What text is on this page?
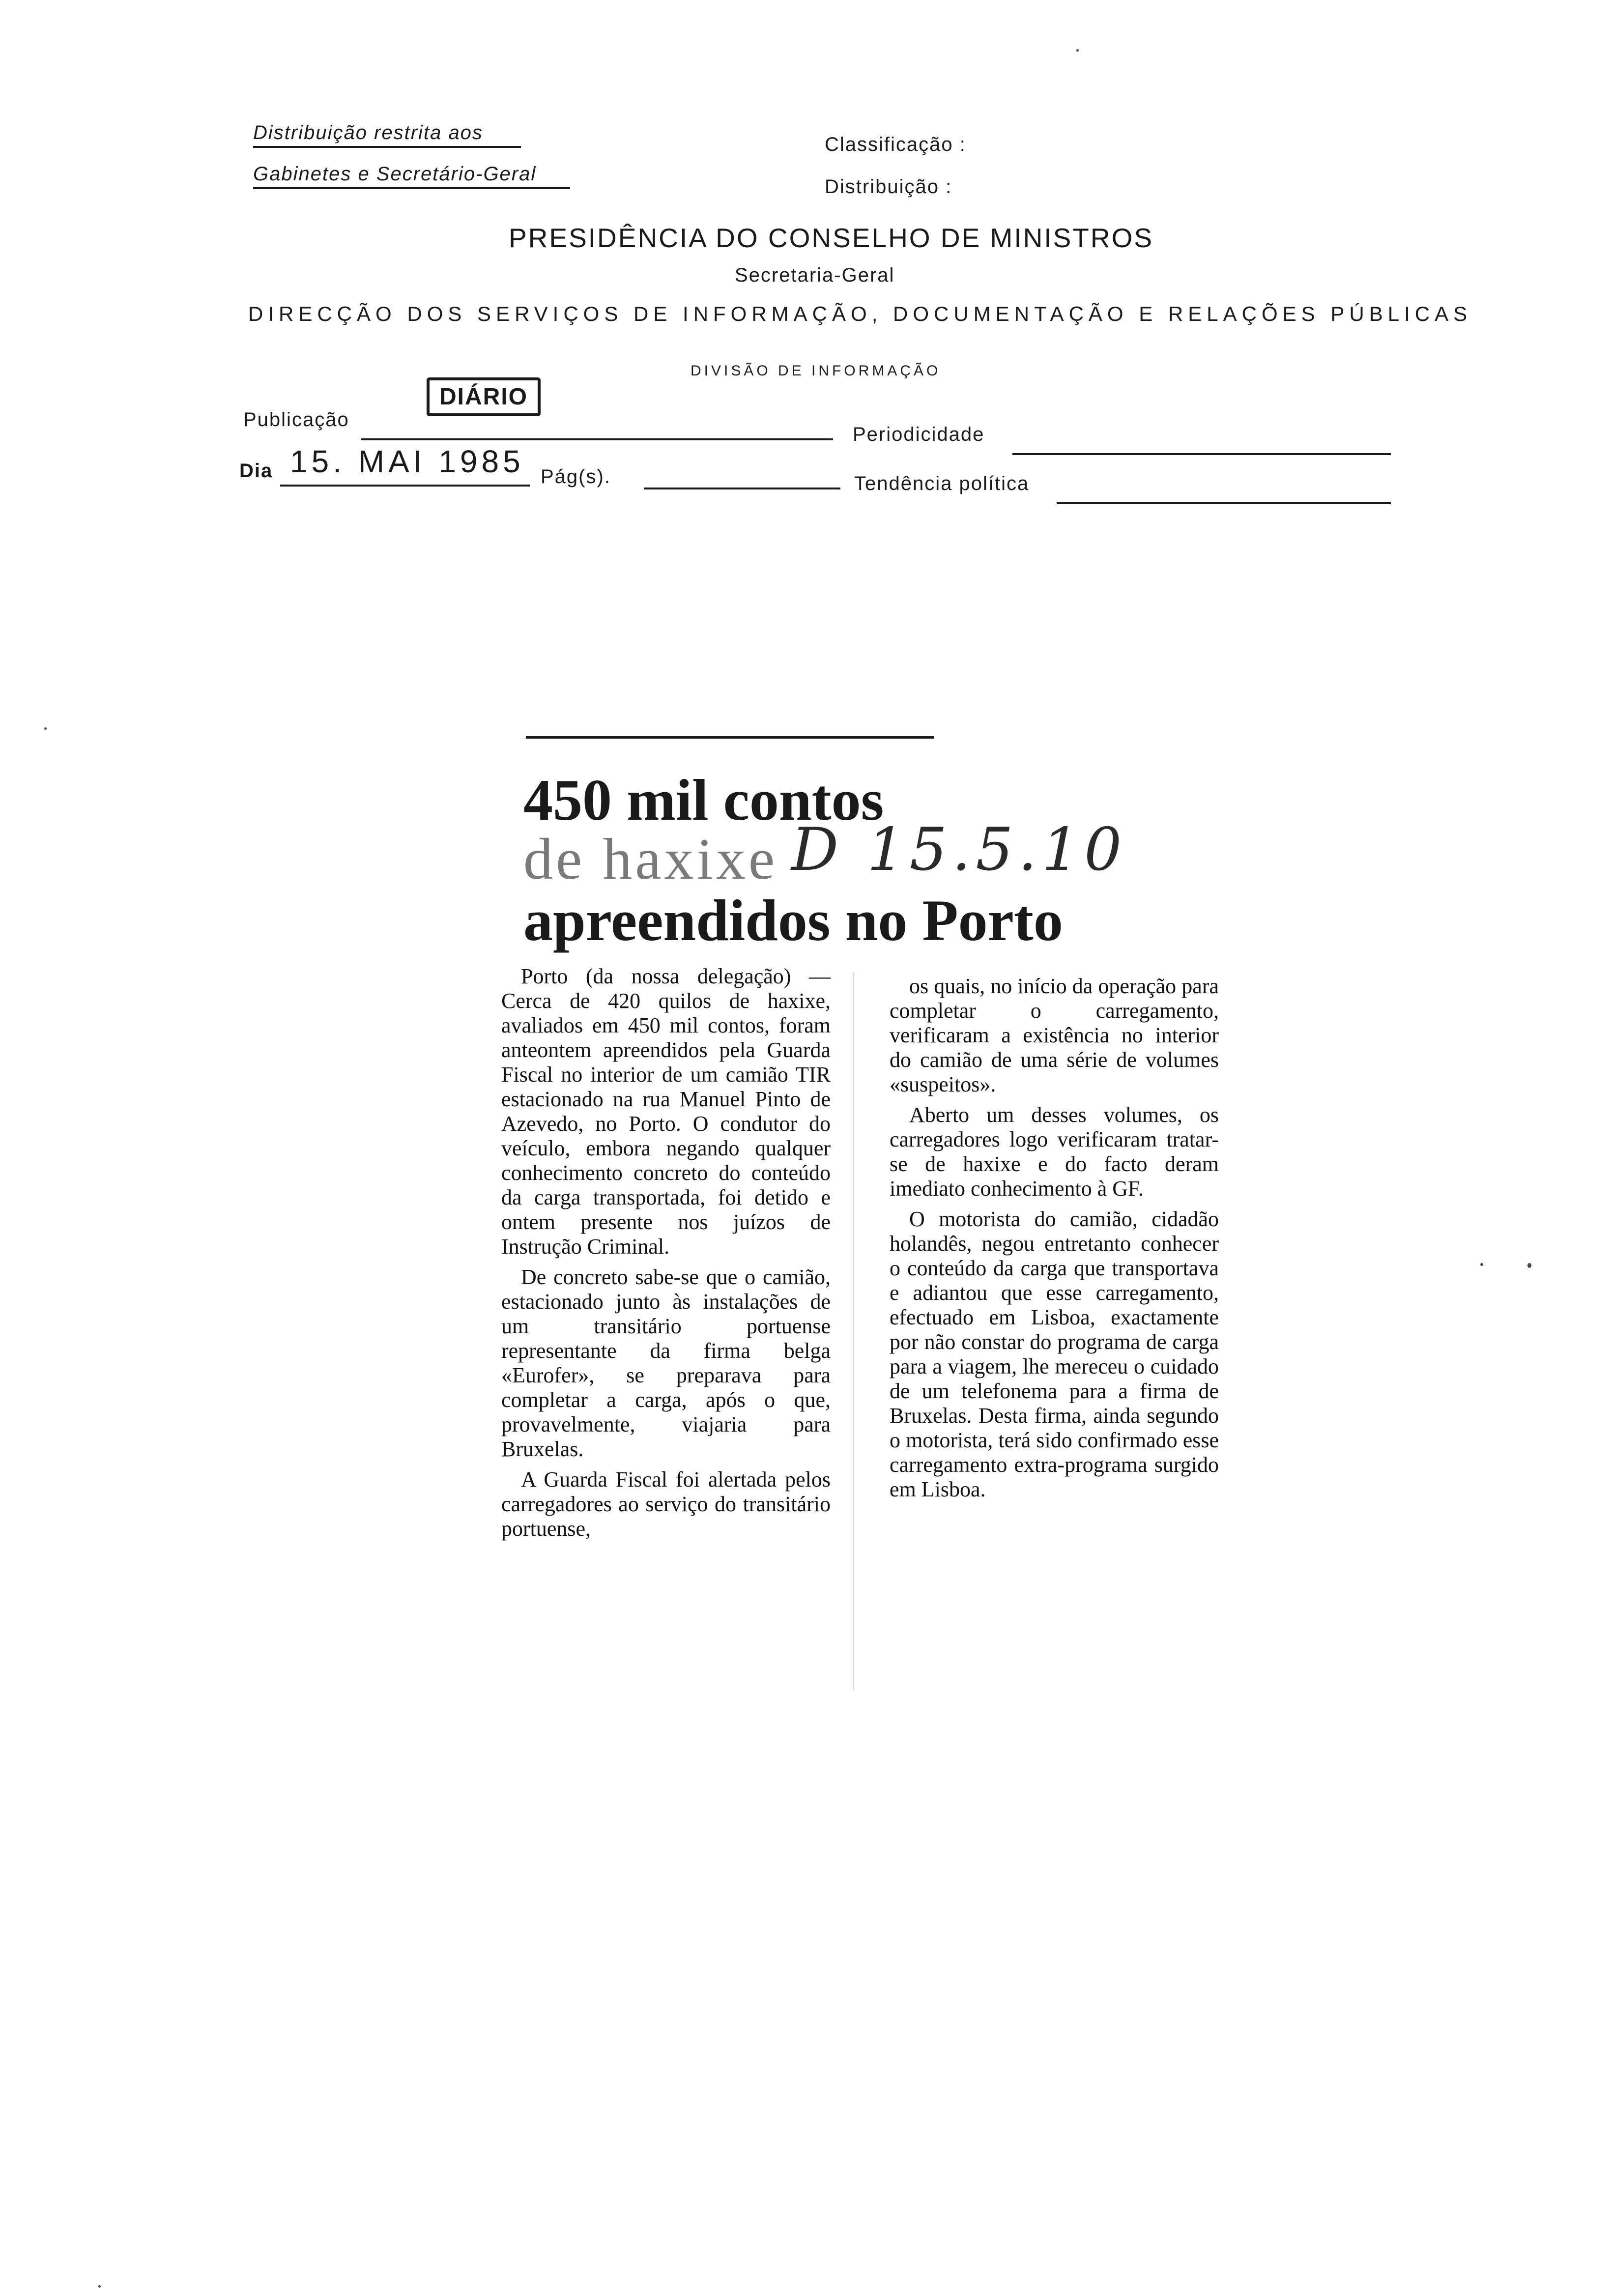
Distribuição restrita aos
Gabinetes e Secretário-Geral
Classificação :
Distribuição :
PRESIDÊNCIA DO CONSELHO DE MINISTROS
Secretaria-Geral
DIRECÇÃO DOS SERVIÇOS DE INFORMAÇÃO, DOCUMENTAÇÃO E RELAÇÕES PÚBLICAS
DIVISÃO DE INFORMAÇÃO
DIÁRIO
Publicação
Periodicidade
Dia 15. MAI 1985 Pág(s).	Tendência política
450 mil contos
de haxixe D 15.5.10
apreendidos no Porto

Porto (da nossa delegação) — Cerca de 420 quilos de haxixe, avaliados em 450 mil contos, foram anteontem apreendidos pela Guarda Fiscal no interior de um camião TIR estacionado na rua Manuel Pinto de Azevedo, no Porto. O condutor do veículo, embora negando qualquer conhecimento concreto do conteúdo da carga transportada, foi detido e ontem presente nos juízos de Instrução Criminal.

De concreto sabe-se que o camião, estacionado junto às instalações de um transitário portuense representante da firma belga «Eurofer», se preparava para completar a carga, após o que, provavelmente, viajaria para Bruxelas.

A Guarda Fiscal foi alertada pelos carregadores ao serviço do transitário portuense,

os quais, no início da operação para completar o carregamento, verificaram a existência no interior do camião de uma série de volumes «suspeitos».

Aberto um desses volumes, os carregadores logo verificaram tratar-se de haxixe e do facto deram imediato conhecimento à GF.

O motorista do camião, cidadão holandês, negou entretanto conhecer o conteúdo da carga que transportava e adiantou que esse carregamento, efectuado em Lisboa, exactamente por não constar do programa de carga para a viagem, lhe mereceu o cuidado de um telefonema para a firma de Bruxelas. Desta firma, ainda segundo o motorista, terá sido confirmado esse carregamento extra-programa surgido em Lisboa.
